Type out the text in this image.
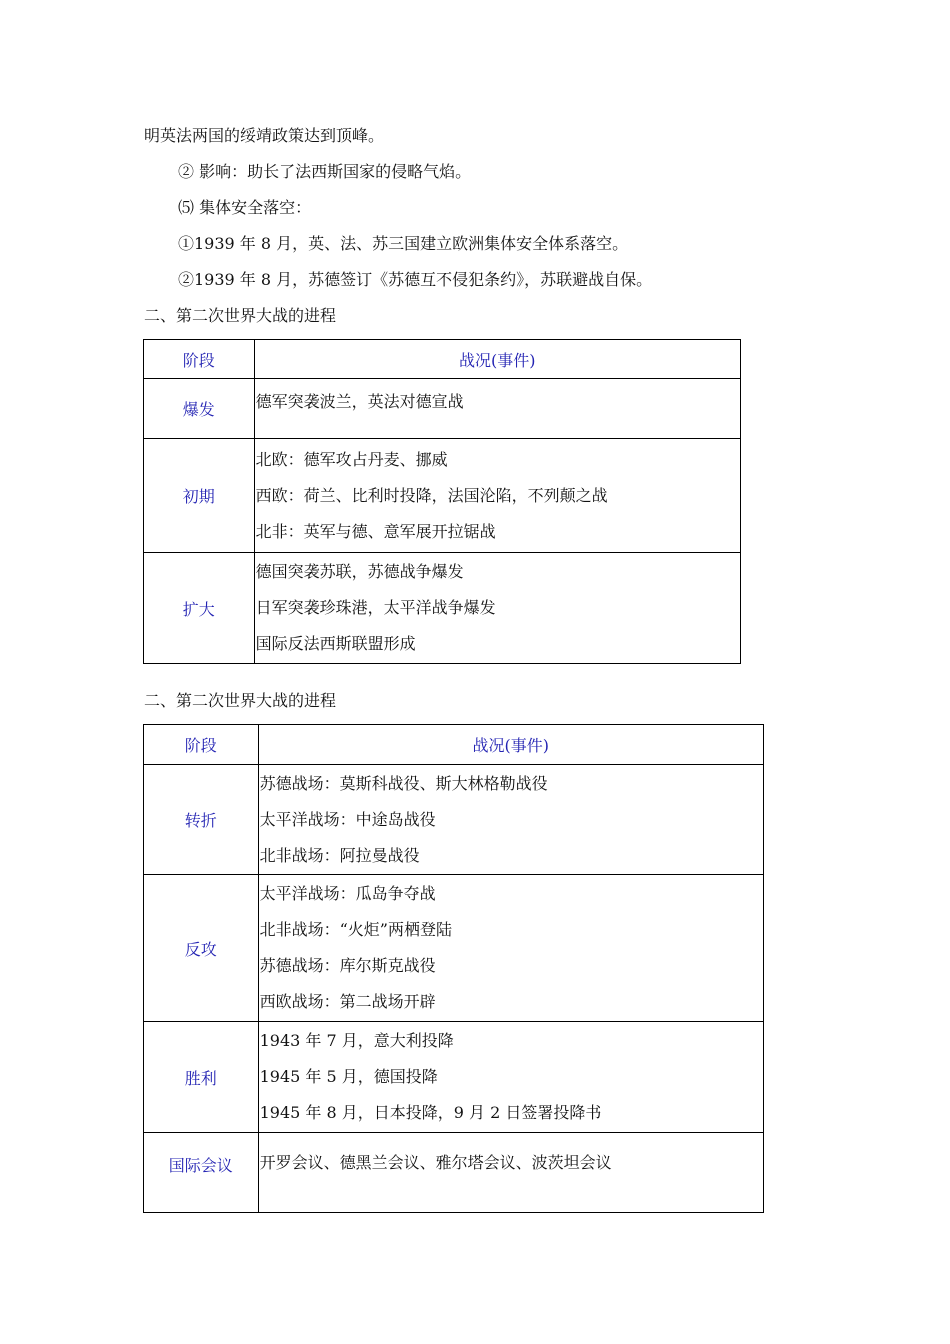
明英法两国的绥靖政策达到顶峰。
② 影响：助长了法西斯国家的侵略气焰。
⑸ 集体安全落空：
①1939 年 8 月，英、法、苏三国建立欧洲集体安全体系落空。
②1939 年 8 月，苏德签订《苏德互不侵犯条约》，苏联避战自保。
二、第二次世界大战的进程
阶段	战况(事件)
爆发	德军突袭波兰，英法对德宣战

初期	北欧：德军攻占丹麦、挪威
西欧：荷兰、比利时投降，法国沦陷，不列颠之战
北非：英军与德、意军展开拉锯战

扩大	德国突袭苏联，苏德战争爆发
日军突袭珍珠港，太平洋战争爆发
国际反法西斯联盟形成
二、第二次世界大战的进程
阶段	战况(事件)
转折	苏德战场：莫斯科战役、斯大林格勒战役
太平洋战场：中途岛战役
北非战场：阿拉曼战役

反攻	太平洋战场：瓜岛争夺战
北非战场：“火炬”两栖登陆
苏德战场：库尔斯克战役
西欧战场：第二战场开辟

胜利	1943 年 7 月，意大利投降
1945 年 5 月，德国投降
1945 年 8 月，日本投降，9 月 2 日签署投降书

国际会议	开罗会议、德黑兰会议、雅尔塔会议、波茨坦会议
